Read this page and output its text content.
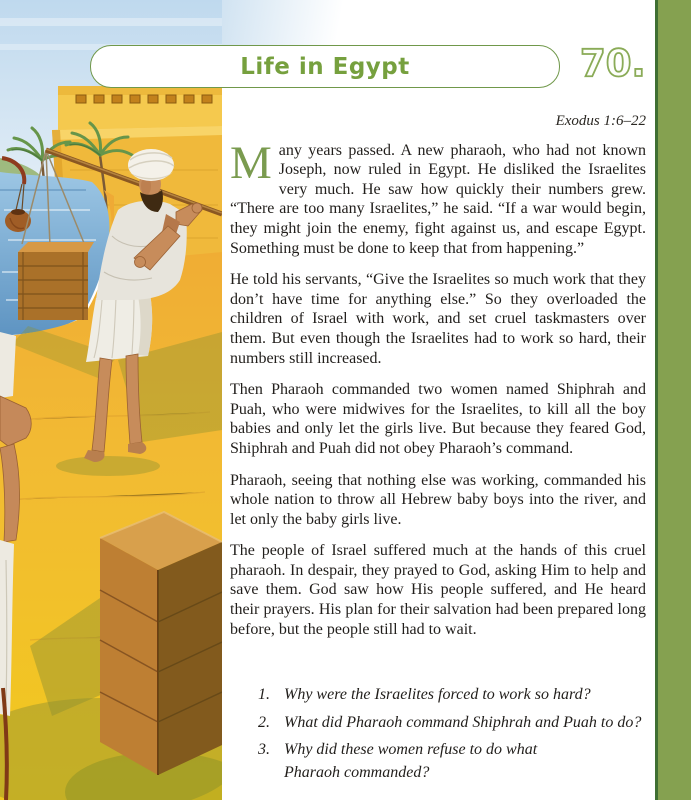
Life in Egypt	70.
Exodus 1:6–22

Many years passed. A new pharaoh, who had not known Joseph, now ruled in Egypt. He disliked the Israelites very much. He saw how quickly their numbers grew. “There are too many Israelites,” he said. “If a war would begin, they might join the enemy, fight against us, and escape Egypt. Something must be done to keep that from happening.”

He told his servants, “Give the Israelites so much work that they don’t have time for anything else.” So they overloaded the children of Israel with work, and set cruel taskmasters over them. But even though the Israelites had to work so hard, their numbers still increased.

Then Pharaoh commanded two women named Shiphrah and Puah, who were midwives for the Israelites, to kill all the boy babies and only let the girls live. But because they feared God, Shiphrah and Puah did not obey Pharaoh’s command.

Pharaoh, seeing that nothing else was working, commanded his whole nation to throw all Hebrew baby boys into the river, and let only the baby girls live.

The people of Israel suffered much at the hands of this cruel pharaoh. In despair, they prayed to God, asking Him to help and save them. God saw how His people suffered, and He heard their prayers. His plan for their salvation had been prepared long before, but the people still had to wait.

1. Why were the Israelites forced to work so hard?
2. What did Pharaoh command Shiphrah and Puah to do?
3. Why did these women refuse to do what Pharaoh commanded?
